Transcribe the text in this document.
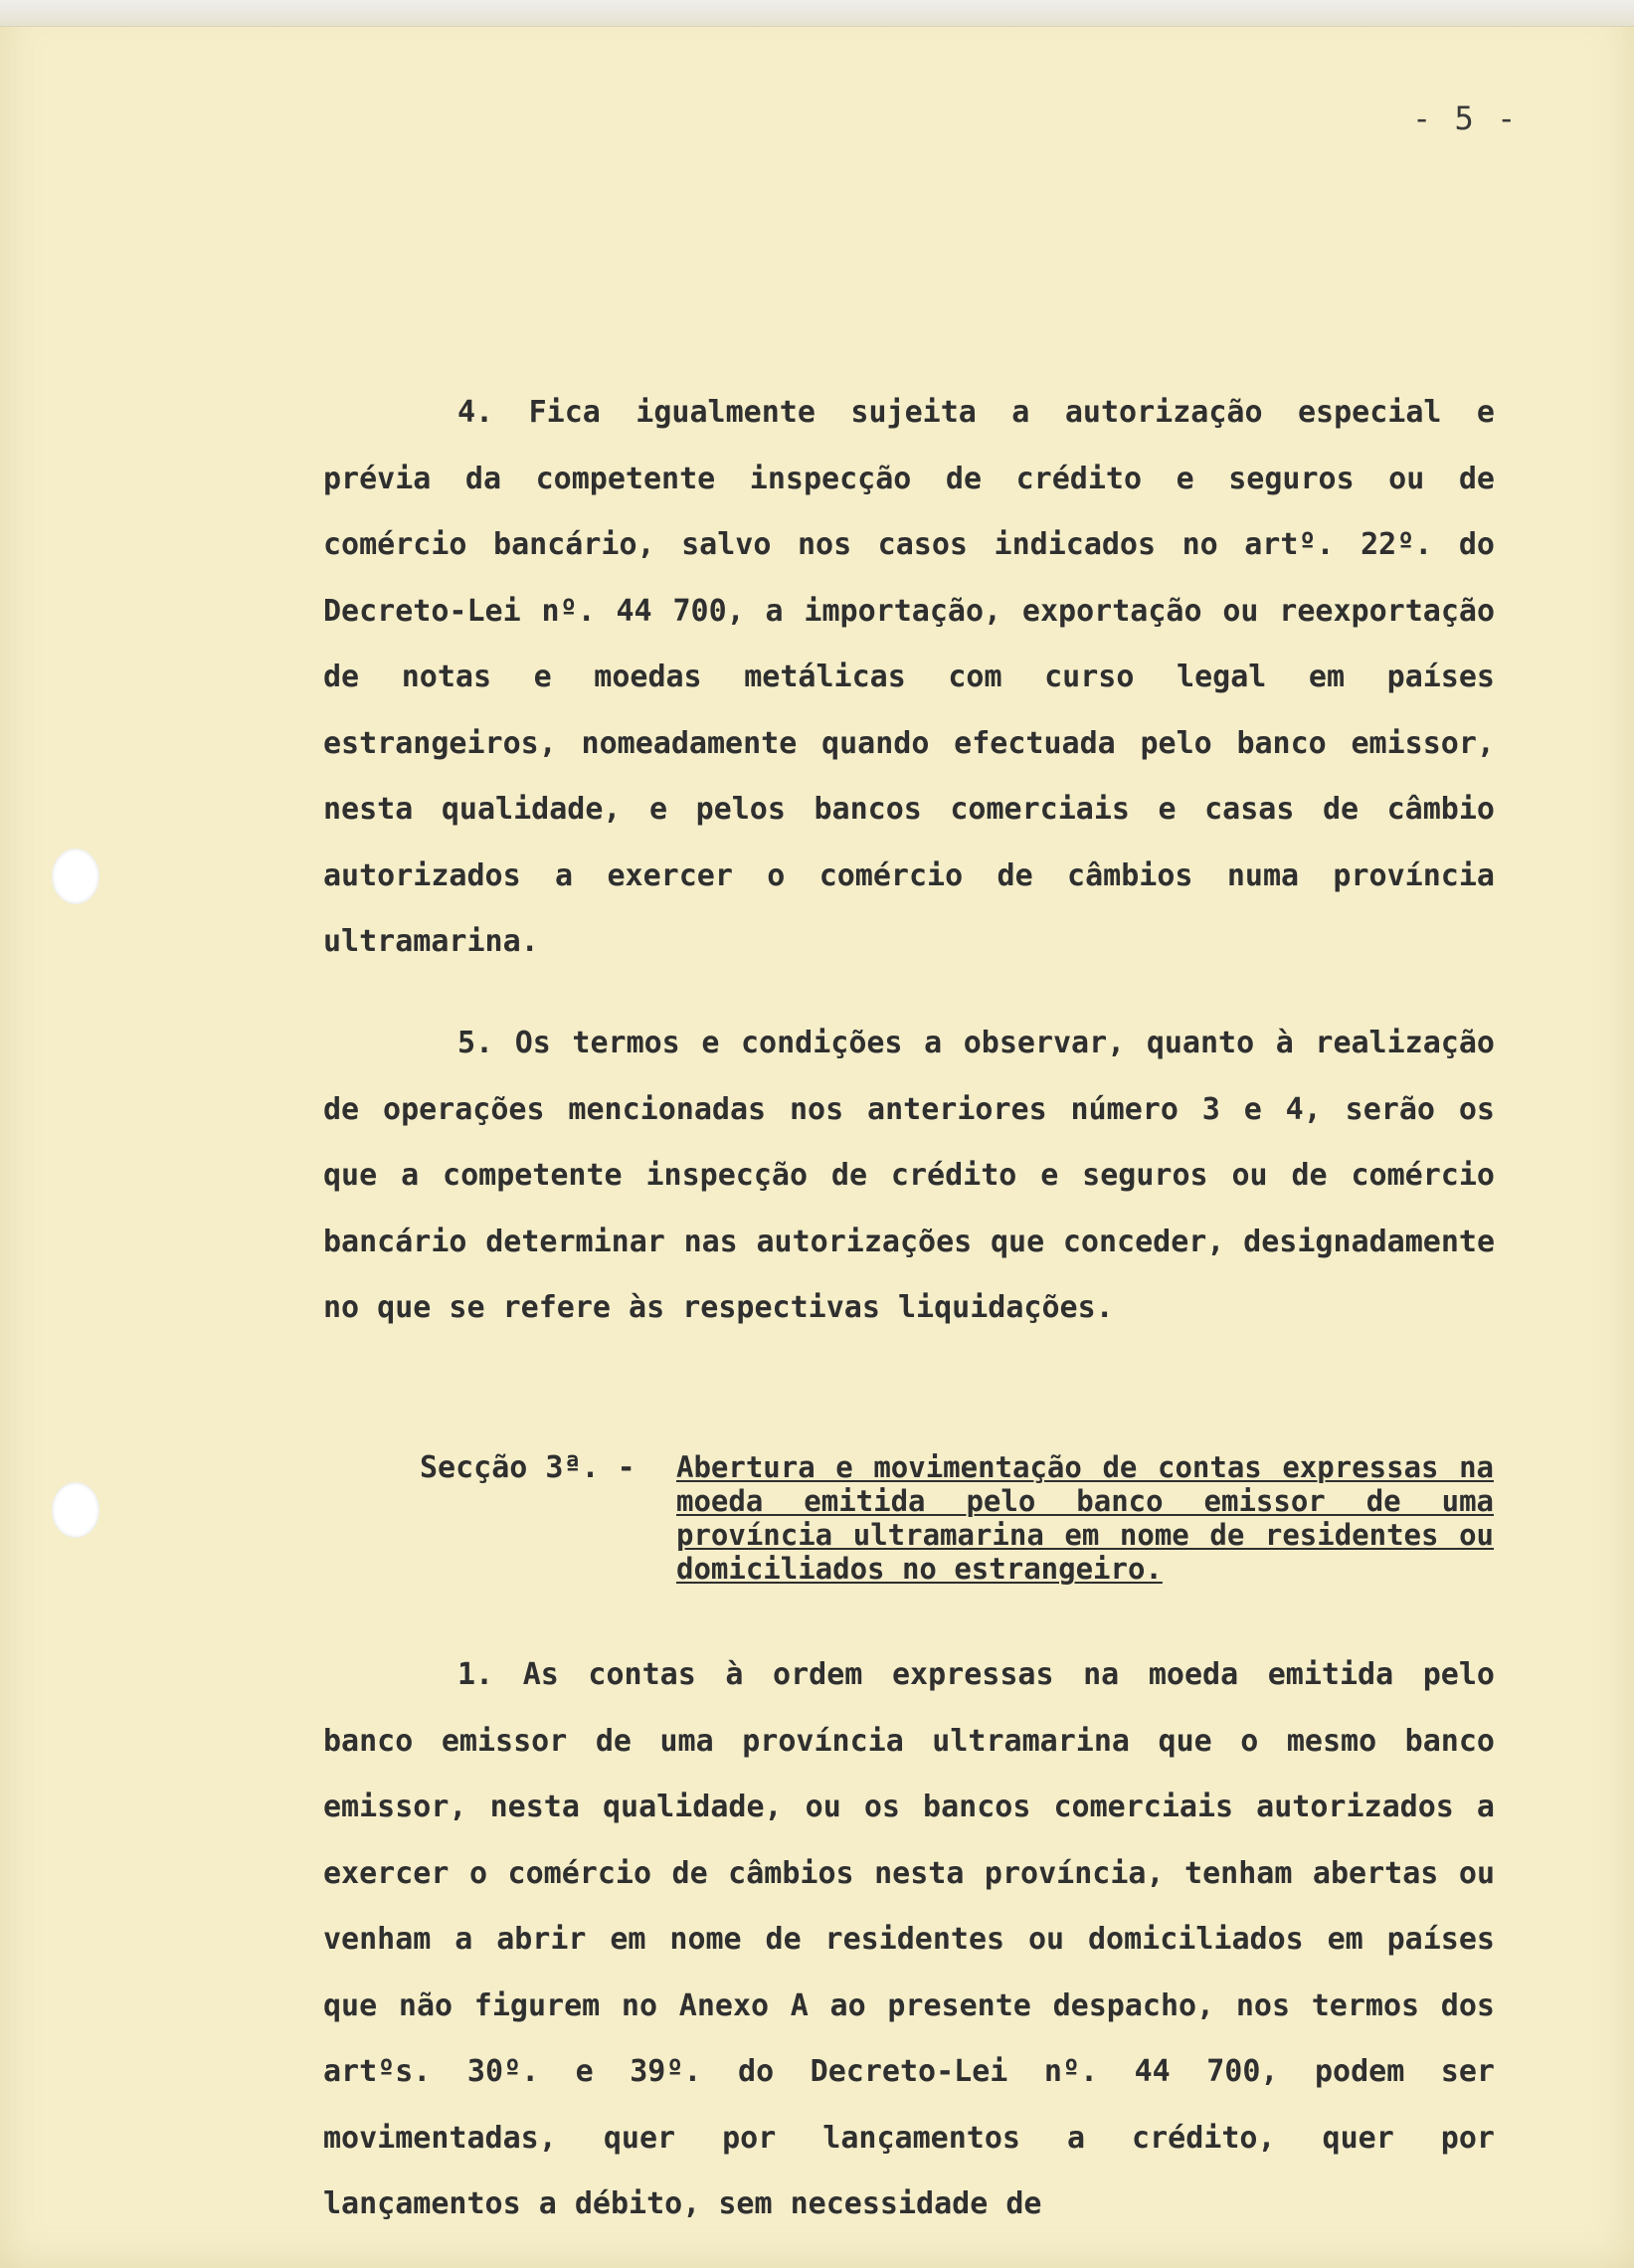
- 5 -

4. Fica igualmente sujeita a autorização especial e prévia da competente inspecção de crédito e seguros ou de comércio bancário, salvo nos casos indicados no artº. 22º. do Decreto-Lei nº. 44 700, a importação, exportação ou reexportação de notas e moedas metálicas com curso legal em países estrangeiros, nomeadamente quando efectuada pelo banco emissor, nesta qualidade, e pelos bancos comerciais e casas de câmbio autorizados a exercer o comércio de câmbios numa província ultramarina.

5. Os termos e condições a observar, quanto à realização de operações mencionadas nos anteriores número 3 e 4, serão os que a competente inspecção de crédito e seguros ou de comércio bancário determinar nas autorizações que conceder, designadamente no que se refere às respectivas liquidações.

Secção 3ª. - Abertura e movimentação de contas expressas na moeda emitida pelo banco emissor de uma província ultramarina em nome de residentes ou domiciliados no estrangeiro.

1. As contas à ordem expressas na moeda emitida pelo banco emissor de uma província ultramarina que o mesmo banco emissor, nesta qualidade, ou os bancos comerciais autorizados a exercer o comércio de câmbios nesta província, tenham abertas ou venham a abrir em nome de residentes ou domiciliados em países que não figurem no Anexo A ao presente despacho, nos termos dos artºs. 30º. e 39º. do Decreto-Lei nº. 44 700, podem ser movimentadas, quer por lançamentos a crédito, quer por lançamentos a débito, sem necessidade de
